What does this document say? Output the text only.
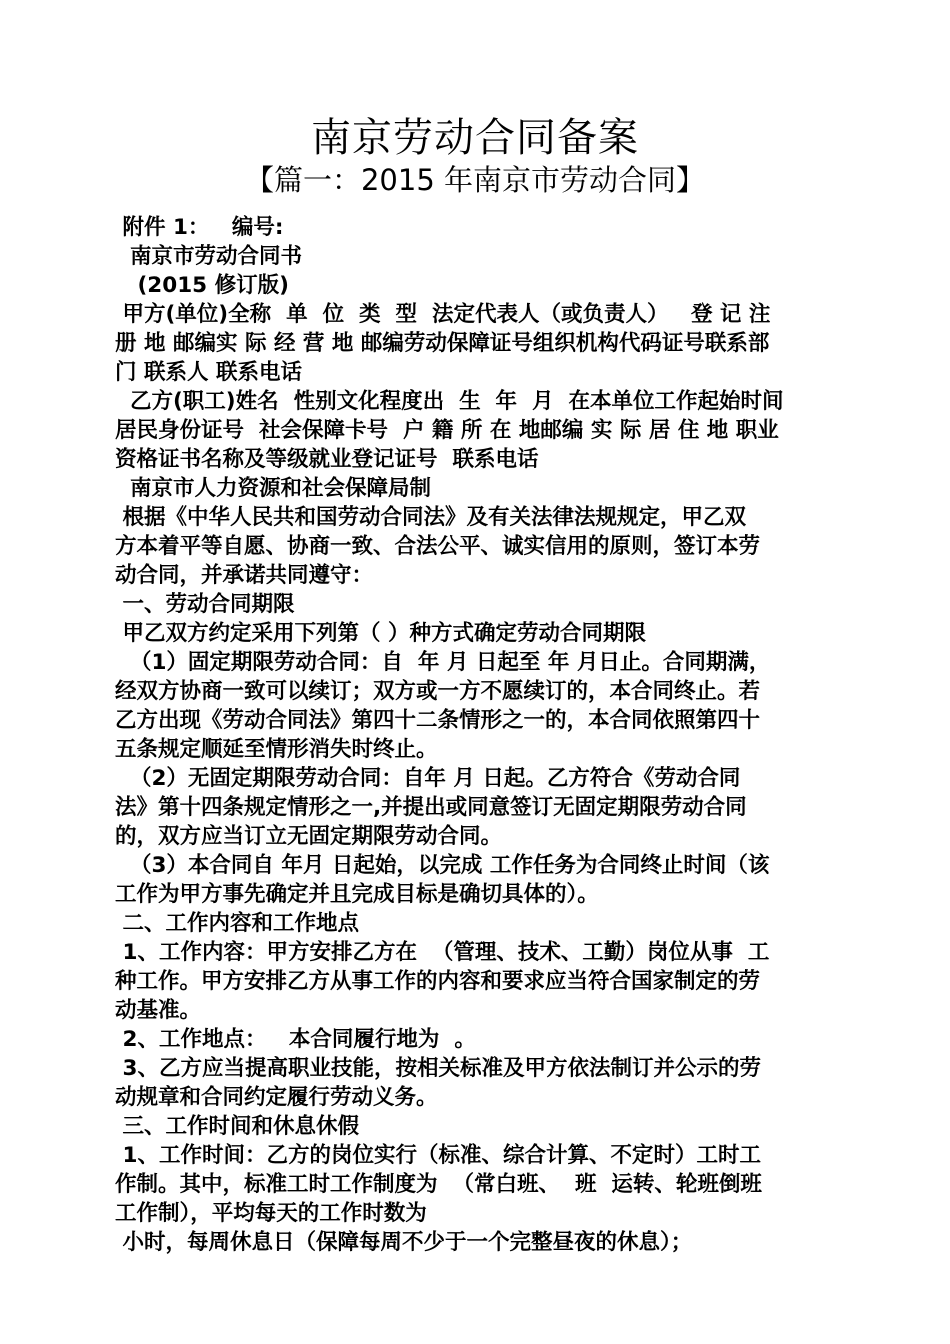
南京劳动合同备案
【篇一：2015 年南京市劳动合同】
附件 1：   编号:
南京市劳动合同书
(2015 修订版)
甲方(单位)全称  单  位  类  型  法定代表人（或负责人）   登 记 注
册 地 邮编实 际 经 营 地 邮编劳动保障证号组织机构代码证号联系部
门 联系人 联系电话
乙方(职工)姓名  性别文化程度出  生  年  月  在本单位工作起始时间
居民身份证号  社会保障卡号  户 籍 所 在 地邮编 实 际 居 住 地 职业
资格证书名称及等级就业登记证号  联系电话
南京市人力资源和社会保障局制
根据《中华人民共和国劳动合同法》及有关法律法规规定，甲乙双
方本着平等自愿、协商一致、合法公平、诚实信用的原则，签订本劳
动合同，并承诺共同遵守：
一、劳动合同期限
甲乙双方约定采用下列第（ ）种方式确定劳动合同期限
（1）固定期限劳动合同：自  年 月 日起至 年 月日止。合同期满，
经双方协商一致可以续订；双方或一方不愿续订的，本合同终止。若
乙方出现《劳动合同法》第四十二条情形之一的，本合同依照第四十
五条规定顺延至情形消失时终止。
（2）无固定期限劳动合同：自年 月 日起。乙方符合《劳动合同
法》第十四条规定情形之一,并提出或同意签订无固定期限劳动合同
的，双方应当订立无固定期限劳动合同。
（3）本合同自 年月 日起始，以完成 工作任务为合同终止时间（该
工作为甲方事先确定并且完成目标是确切具体的）。
二、工作内容和工作地点
1、工作内容：甲方安排乙方在  （管理、技术、工勤）岗位从事  工
种工作。甲方安排乙方从事工作的内容和要求应当符合国家制定的劳
动基准。
2、工作地点：   本合同履行地为  。
3、乙方应当提高职业技能，按相关标准及甲方依法制订并公示的劳
动规章和合同约定履行劳动义务。
三、工作时间和休息休假
1、工作时间：乙方的岗位实行（标准、综合计算、不定时）工时工
作制。其中，标准工时工作制度为  （常白班、  班  运转、轮班倒班
工作制），平均每天的工作时数为
小时，每周休息日（保障每周不少于一个完整昼夜的休息）；
